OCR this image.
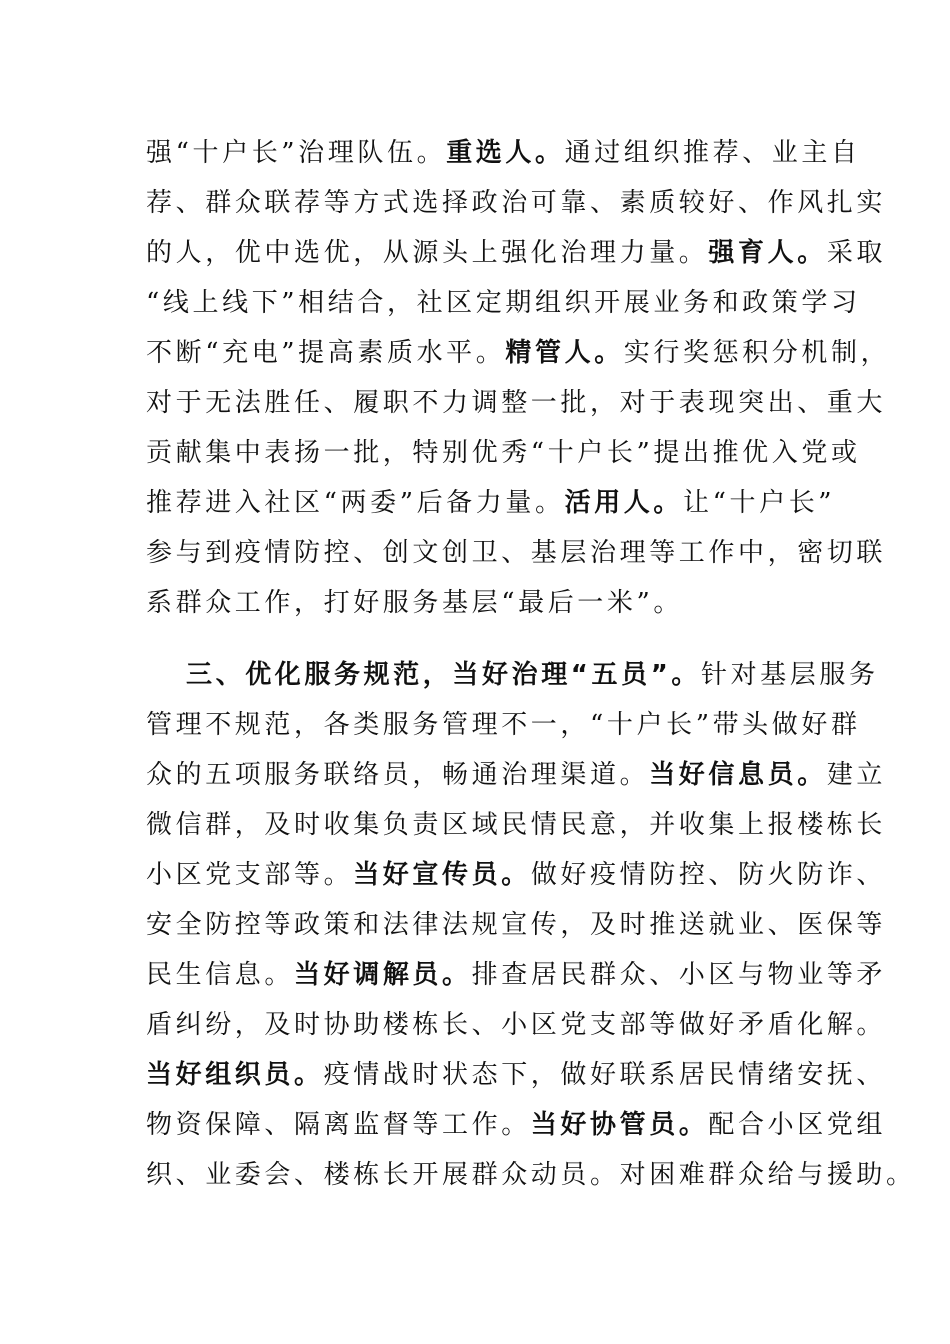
强“十户长”治理队伍。重选人。通过组织推荐、业主自
荐、群众联荐等方式选择政治可靠、素质较好、作风扎实
的人，优中选优，从源头上强化治理力量。强育人。采取
“线上线下”相结合，社区定期组织开展业务和政策学习
不断“充电”提高素质水平。精管人。实行奖惩积分机制，
对于无法胜任、履职不力调整一批，对于表现突出、重大
贡献集中表扬一批，特别优秀“十户长”提出推优入党或
推荐进入社区“两委”后备力量。活用人。让“十户长”
参与到疫情防控、创文创卫、基层治理等工作中，密切联
系群众工作，打好服务基层“最后一米”。
三、优化服务规范，当好治理“五员”。针对基层服务
管理不规范，各类服务管理不一，“十户长”带头做好群
众的五项服务联络员，畅通治理渠道。当好信息员。建立
微信群，及时收集负责区域民情民意，并收集上报楼栋长
小区党支部等。当好宣传员。做好疫情防控、防火防诈、
安全防控等政策和法律法规宣传，及时推送就业、医保等
民生信息。当好调解员。排查居民群众、小区与物业等矛
盾纠纷，及时协助楼栋长、小区党支部等做好矛盾化解。
当好组织员。疫情战时状态下，做好联系居民情绪安抚、
物资保障、隔离监督等工作。当好协管员。配合小区党组
织、业委会、楼栋长开展群众动员。对困难群众给与援助。
